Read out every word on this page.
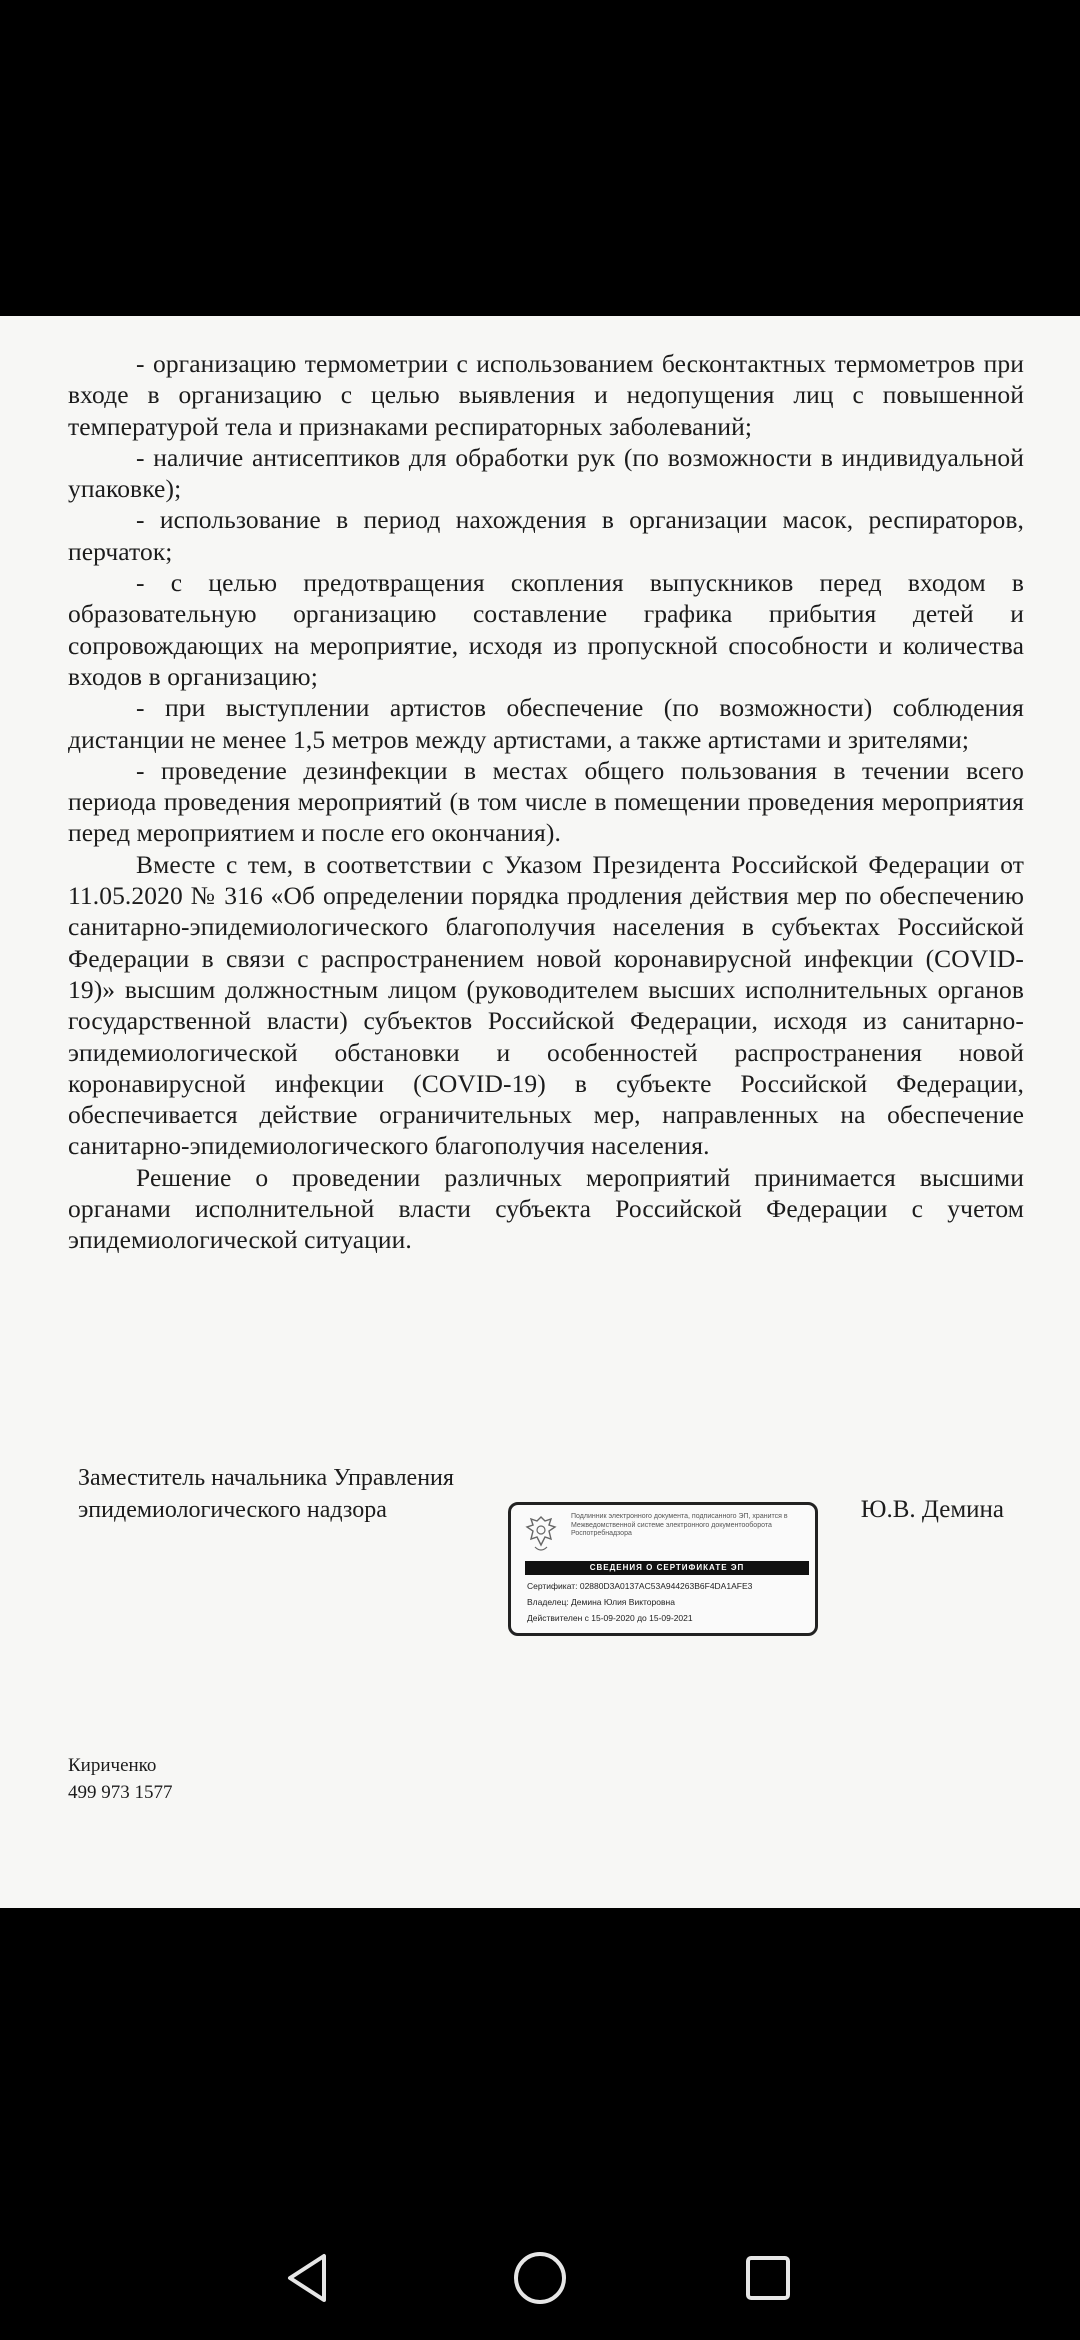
- организацию термометрии с использованием бесконтактных термометров при входе в организацию с целью выявления и недопущения лиц с повышенной температурой тела и признаками респираторных заболеваний;

- наличие антисептиков для обработки рук (по возможности в индивидуальной упаковке);

- использование в период нахождения в организации масок, респираторов, перчаток;

- с целью предотвращения скопления выпускников перед входом в образовательную организацию составление графика прибытия детей и сопровождающих на мероприятие, исходя из пропускной способности и количества входов в организацию;

- при выступлении артистов обеспечение (по возможности) соблюдения дистанции не менее 1,5 метров между артистами, а также артистами и зрителями;

- проведение дезинфекции в местах общего пользования в течении всего периода проведения мероприятий (в том числе в помещении проведения мероприятия перед мероприятием и после его окончания).

Вместе с тем, в соответствии с Указом Президента Российской Федерации от 11.05.2020 № 316 «Об определении порядка продления действия мер по обеспечению санитарно-эпидемиологического благополучия населения в субъектах Российской Федерации в связи с распространением новой коронавирусной инфекции (COVID-19)» высшим должностным лицом (руководителем высших исполнительных органов государственной власти) субъектов Российской Федерации, исходя из санитарно-эпидемиологической обстановки и особенностей распространения новой коронавирусной инфекции (COVID-19) в субъекте Российской Федерации, обеспечивается действие ограничительных мер, направленных на обеспечение санитарно-эпидемиологического благополучия населения.

Решение о проведении различных мероприятий принимается высшими органами исполнительной власти субъекта Российской Федерации с учетом эпидемиологической ситуации.

Заместитель начальника Управления
эпидемиологического надзора	Ю.В. Демина
Подлинник электронного документа, подписанного ЭП, хранится в Межведомственной системе электронного документооборота Роспотребнадзора
СВЕДЕНИЯ О СЕРТИФИКАТЕ ЭП
Сертификат: 02880D3A0137AC53A944263B6F4DA1AFE3
Владелец: Демина Юлия Викторовна
Действителен с 15-09-2020 до 15-09-2021
Кириченко
499 973 1577
